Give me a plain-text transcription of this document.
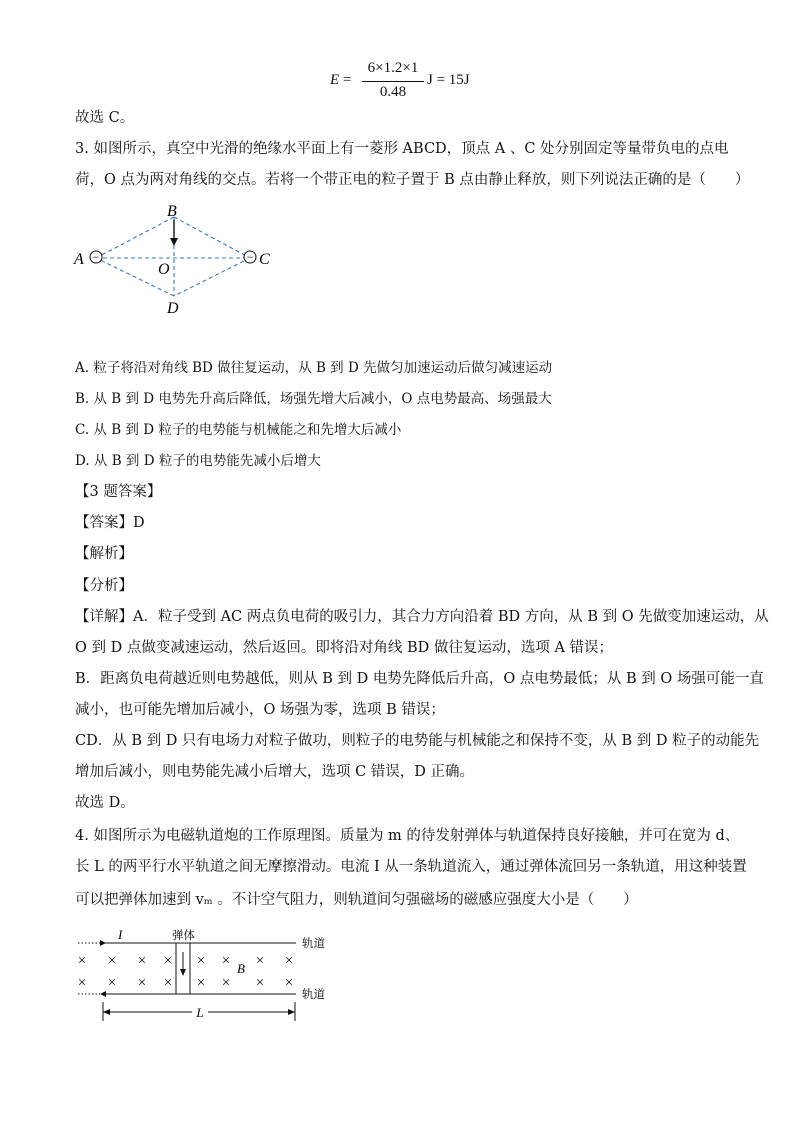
E =
6×1.2×1
0.48
J = 15J
故选 C。
3. 如图所示，真空中光滑的绝缘水平面上有一菱形 ABCD，顶点 A 、C 处分别固定等量带负电的点电
荷，O 点为两对角线的交点。若将一个带正电的粒子置于 B 点由静止释放，则下列说法正确的是（　　）
−	−
A
B
C
D
O
A. 粒子将沿对角线 BD 做往复运动，从 B 到 D 先做匀加速运动后做匀减速运动
B. 从 B 到 D 电势先升高后降低，场强先增大后减小，O 点电势最高、场强最大
C. 从 B 到 D 粒子的电势能与机械能之和先增大后减小
D. 从 B 到 D 粒子的电势能先减小后增大
【3 题答案】
【答案】D
【解析】
【分析】
【详解】A．粒子受到 AC 两点负电荷的吸引力，其合力方向沿着 BD 方向，从 B 到 O 先做变加速运动，从
O 到 D 点做变减速运动，然后返回。即将沿对角线 BD 做往复运动，选项 A 错误；
B．距离负电荷越近则电势越低，则从 B 到 D 电势先降低后升高，O 点电势最低；从 B 到 O 场强可能一直
减小，也可能先增加后减小，O 场强为零，选项 B 错误；
CD．从 B 到 D 只有电场力对粒子做功，则粒子的电势能与机械能之和保持不变，从 B 到 D 粒子的动能先
增加后减小，则电势能先减小后增大，选项 C 错误，D 正确。
故选 D。
4. 如图所示为电磁轨道炮的工作原理图。质量为 m 的待发射弹体与轨道保持良好接触，并可在宽为 d、
长 L 的两平行水平轨道之间无摩擦滑动。电流 I 从一条轨道流入，通过弹体流回另一条轨道，用这种装置
可以把弹体加速到 vₘ 。不计空气阻力，则轨道间匀强磁场的磁感应强度大小是（　　）
I	弹体
轨道
轨道
B
× × × × × × × ×
× × × × × × × ×
L
